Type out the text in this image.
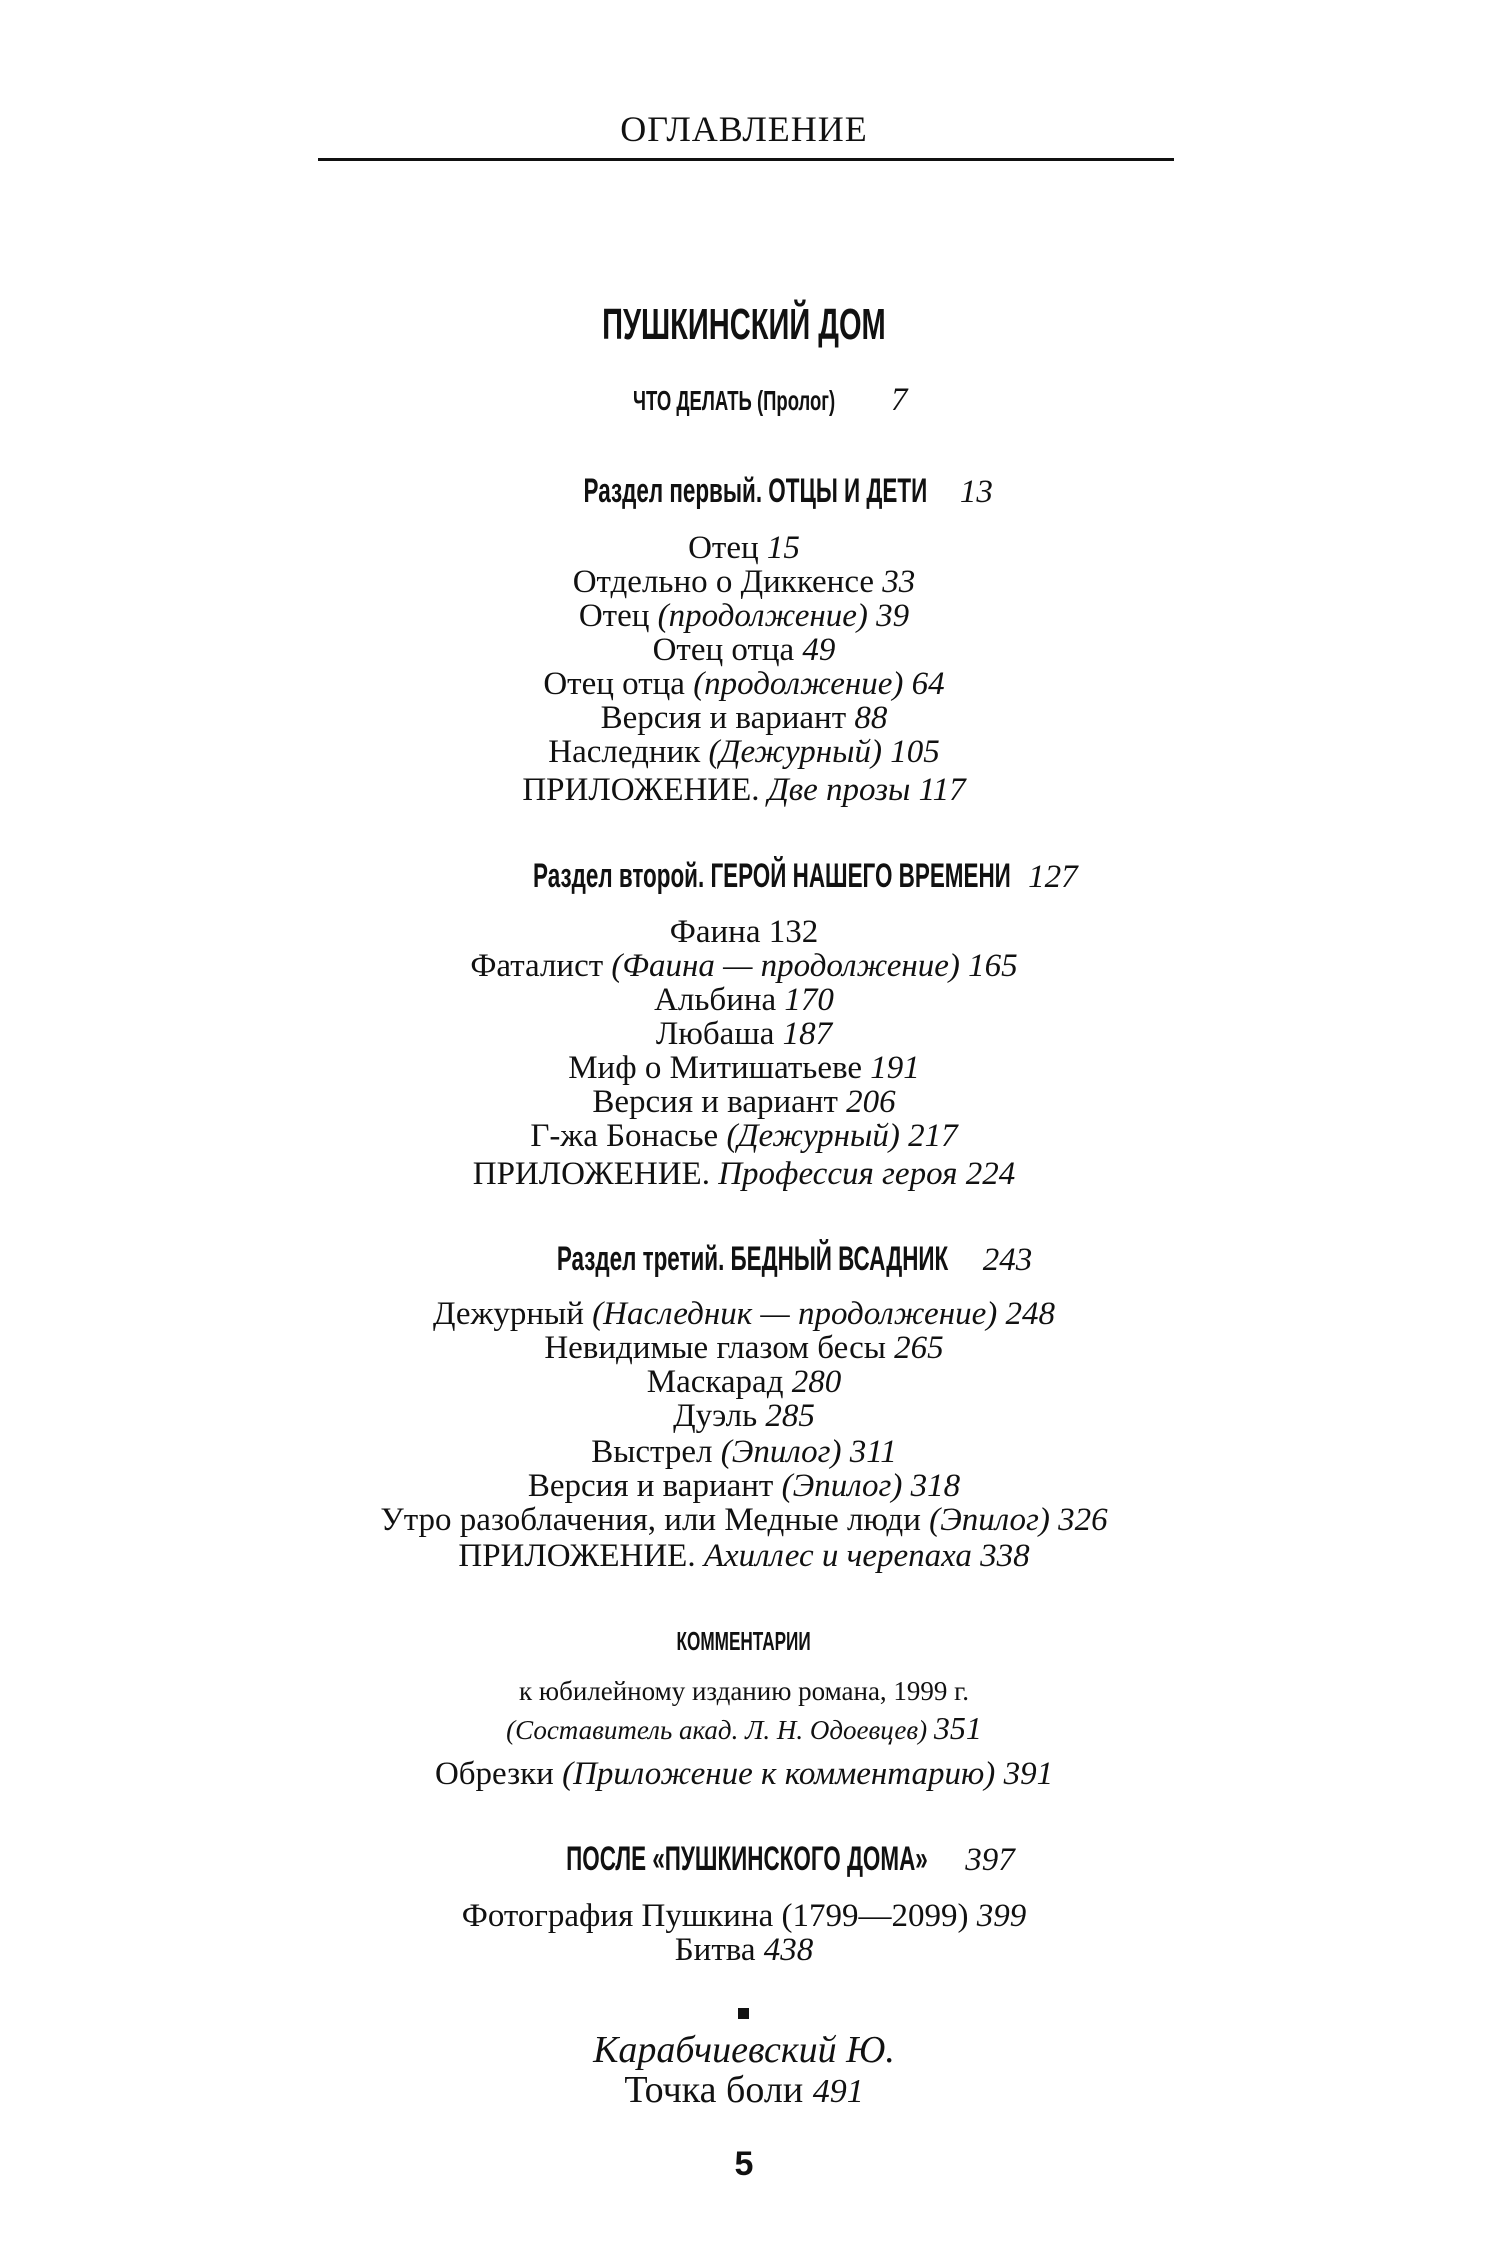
ОГЛАВЛЕНИЕ
ПУШКИНСКИЙ ДОМ
ЧТО ДЕЛАТЬ (Пролог) 7
Раздел первый. ОТЦЫ И ДЕТИ 13
Отец 15
Отдельно о Диккенсе 33
Отец (продолжение) 39
Отец отца 49
Отец отца (продолжение) 64
Версия и вариант 88
Наследник (Дежурный) 105
ПРИЛОЖЕНИЕ. Две прозы 117
Раздел второй. ГЕРОЙ НАШЕГО ВРЕМЕНИ 127
Фаина 132
Фаталист (Фаина — продолжение) 165
Альбина 170
Любаша 187
Миф о Митишатьеве 191
Версия и вариант 206
Г-жа Бонасье (Дежурный) 217
ПРИЛОЖЕНИЕ. Профессия героя 224
Раздел третий. БЕДНЫЙ ВСАДНИК 243
Дежурный (Наследник — продолжение) 248
Невидимые глазом бесы 265
Маскарад 280
Дуэль 285
Выстрел (Эпилог) 311
Версия и вариант (Эпилог) 318
Утро разоблачения, или Медные люди (Эпилог) 326
ПРИЛОЖЕНИЕ. Ахиллес и черепаха 338
КОММЕНТАРИИ
к юбилейному изданию романа, 1999 г.
(Составитель акад. Л. Н. Одоевцев) 351
Обрезки (Приложение к комментарию) 391
ПОСЛЕ «ПУШКИНСКОГО ДОМА» 397
Фотография Пушкина (1799—2099) 399
Битва 438
Карабчиевский Ю.
Точка боли 491
5
